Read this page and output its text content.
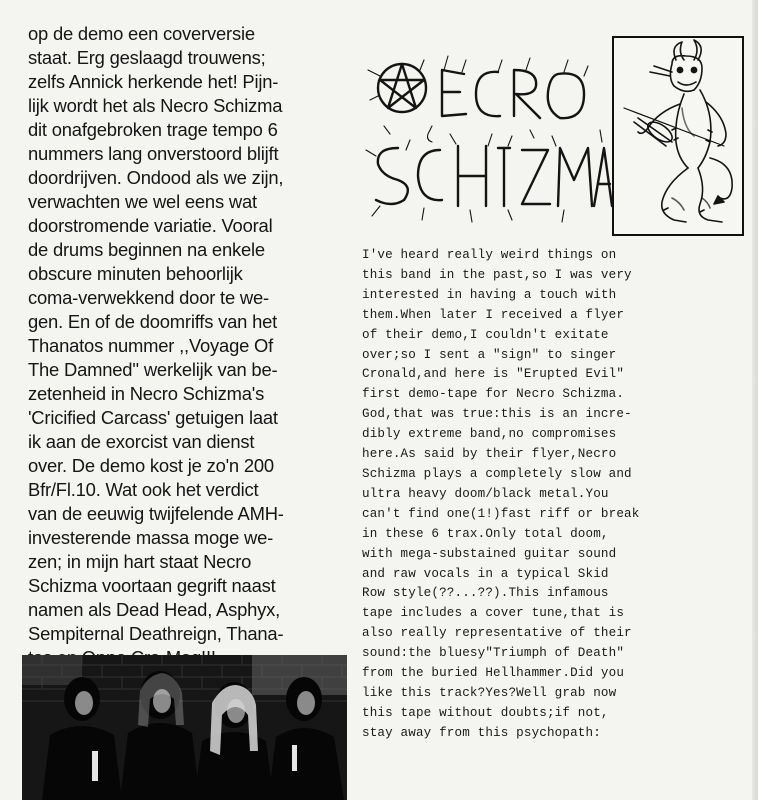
op de demo een coverversie
staat. Erg geslaagd trouwens;
zelfs Annick herkende het! Pijn-
lijk wordt het als Necro Schizma
dit onafgebroken trage tempo 6
nummers lang onverstoord blijft
doordrijven. Ondood als we zijn,
verwachten we wel eens wat
doorstromende variatie. Vooral
de drums beginnen na enkele
obscure minuten behoorlijk
coma-verwekkend door te we-
gen. En of de doomriffs van het
Thanatos nummer ,,Voyage Of
The Damned'' werkelijk van be-
zetenheid in Necro Schizma's
'Cricified Carcass' getuigen laat
ik aan de exorcist van dienst
over. De demo kost je zo'n 200
Bfr/Fl.10. Wat ook het verdict
van de eeuwig twijfelende AMH-
investerende massa moge we-
zen; in mijn hart staat Necro
Schizma voortaan gegrift naast
namen als Dead Head, Asphyx,
Sempiternal Deathreign, Thana-

I've heard really weird things on
this band in the past,so I was very
interested in having a touch with
them.When later I received a flyer
of their demo,I couldn't exitate
over;so I sent a "sign" to singer
Cronald,and here is "Erupted Evil"
first demo-tape for Necro Schizma.
God,that was true:this is an incre-
dibly extreme band,no compromises
here.As said by their flyer,Necro
Schizma plays a completely slow and
ultra heavy doom/black metal.You
can't find one(1!)fast riff or break
in these 6 trax.Only total doom,
with mega-substained guitar sound
and raw vocals in a typical Skid
Row style(??...??).This infamous
tape includes a cover tune,that is
also really representative of their
sound:the bluesy"Triumph of Death"
from the buried Hellhammer.Did you
like this track?Yes?Well grab now
this tape without doubts;if not,
stay away from this psychopath:
